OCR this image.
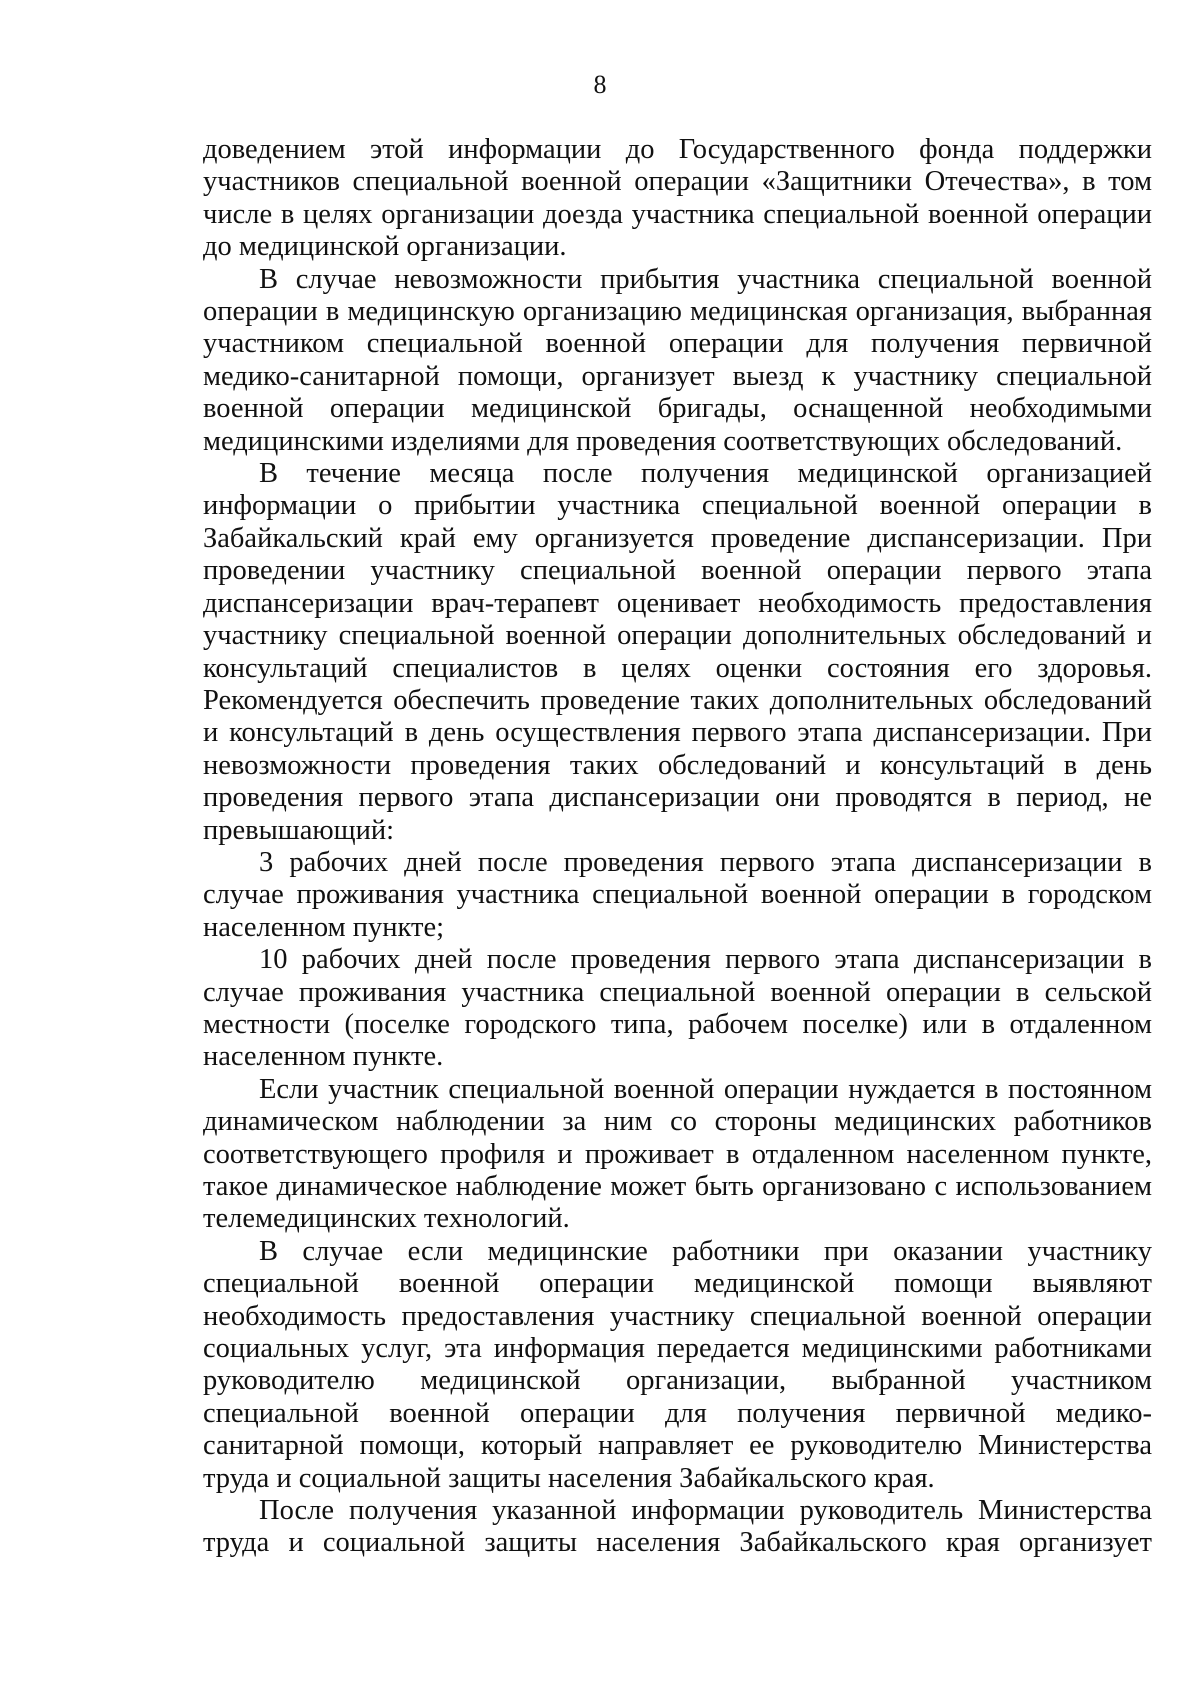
8

доведением этой информации до Государственного фонда поддержки участников специальной военной операции «Защитники Отечества», в том числе в целях организации доезда участника специальной военной операции до медицинской организации.

В случае невозможности прибытия участника специальной военной операции в медицинскую организацию медицинская организация, выбранная участником специальной военной операции для получения первичной медико-санитарной помощи, организует выезд к участнику специальной военной операции медицинской бригады, оснащенной необходимыми медицинскими изделиями для проведения соответствующих обследований.

В течение месяца после получения медицинской организацией информации о прибытии участника специальной военной операции в Забайкальский край ему организуется проведение диспансеризации. При проведении участнику специальной военной операции первого этапа диспансеризации врач-терапевт оценивает необходимость предоставления участнику специальной военной операции дополнительных обследований и консультаций специалистов в целях оценки состояния его здоровья. Рекомендуется обеспечить проведение таких дополнительных обследований и консультаций в день осуществления первого этапа диспансеризации. При невозможности проведения таких обследований и консультаций в день проведения первого этапа диспансеризации они проводятся в период, не превышающий:

3 рабочих дней после проведения первого этапа диспансеризации в случае проживания участника специальной военной операции в городском населенном пункте;

10 рабочих дней после проведения первого этапа диспансеризации в случае проживания участника специальной военной операции в сельской местности (поселке городского типа, рабочем поселке) или в отдаленном населенном пункте.

Если участник специальной военной операции нуждается в постоянном динамическом наблюдении за ним со стороны медицинских работников соответствующего профиля и проживает в отдаленном населенном пункте, такое динамическое наблюдение может быть организовано с использованием телемедицинских технологий.

В случае если медицинские работники при оказании участнику специальной военной операции медицинской помощи выявляют необходимость предоставления участнику специальной военной операции социальных услуг, эта информация передается медицинскими работниками руководителю медицинской организации, выбранной участником специальной военной операции для получения первичной медико-санитарной помощи, который направляет ее руководителю Министерства труда и социальной защиты населения Забайкальского края.

После получения указанной информации руководитель Министерства труда и социальной защиты населения Забайкальского края организует
